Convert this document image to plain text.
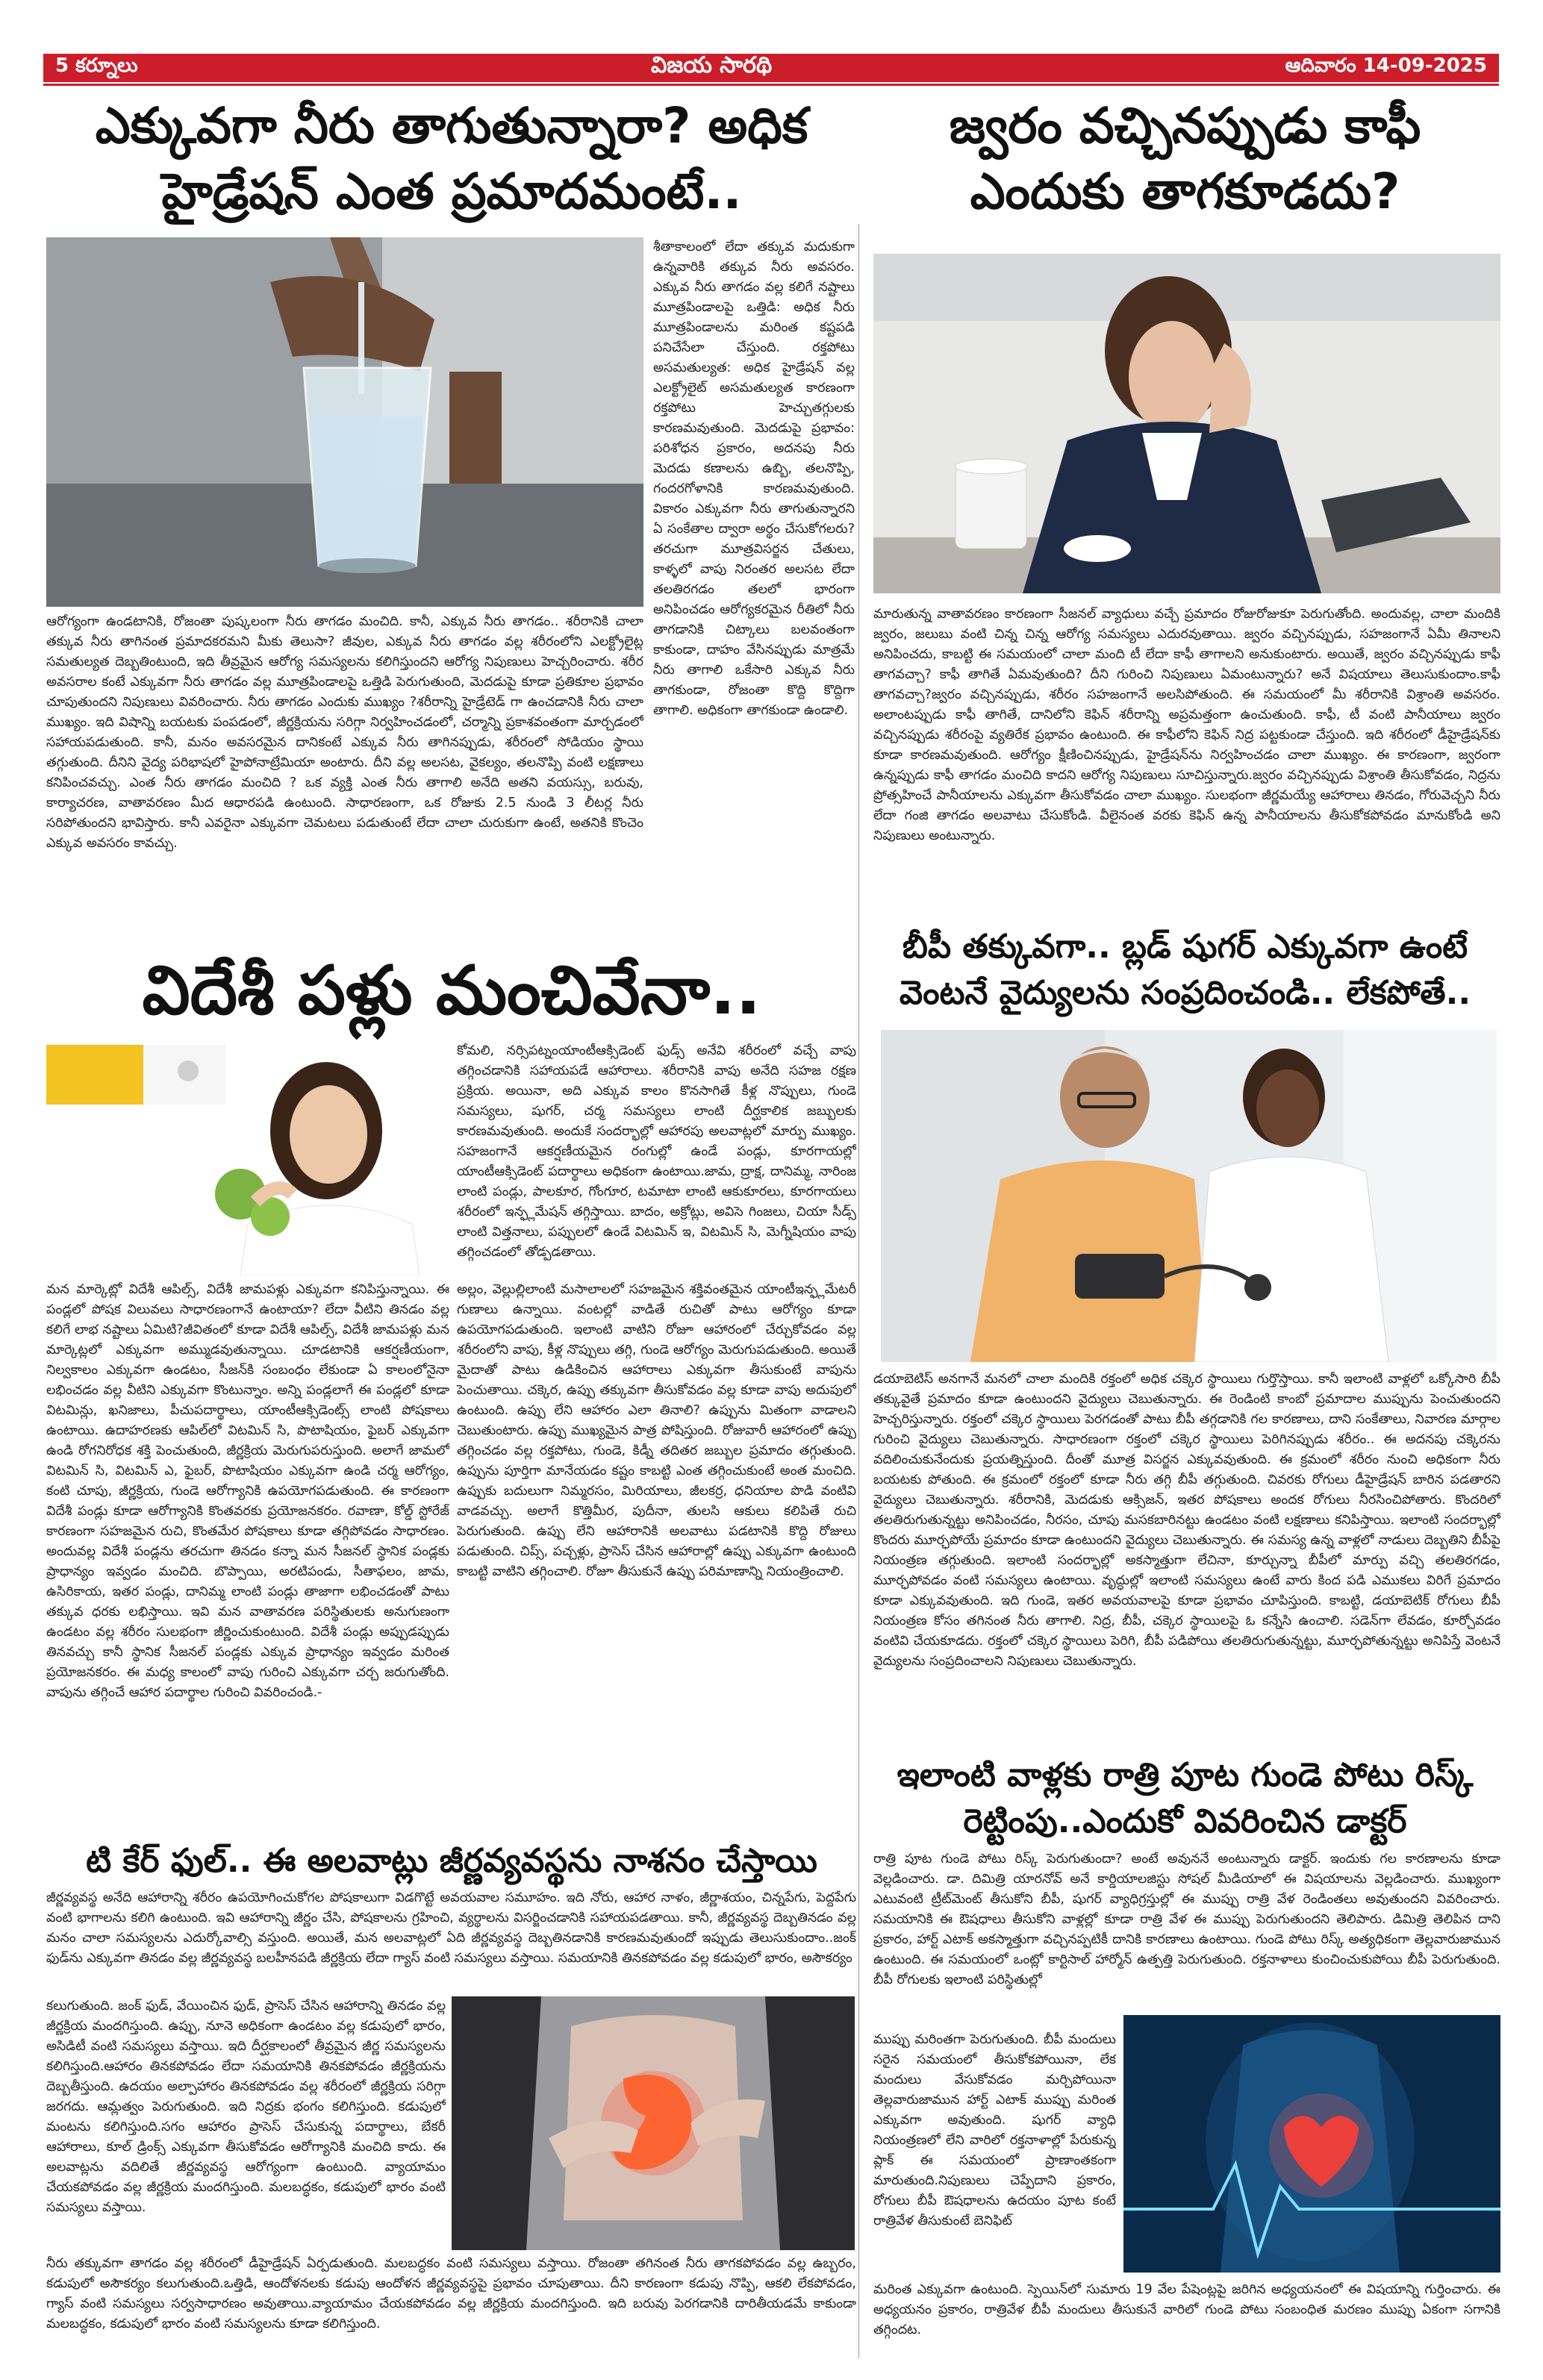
5 కర్నూలు	విజయ సారథి	ఆదివారం 14-09-2025
ఎక్కువగా నీరు తాగుతున్నారా? అధిక
హైడ్రేషన్ ఎంత ప్రమాదమంటే..
శీతాకాలంలో లేదా తక్కువ మదుకుగా ఉన్నవారికి తక్కువ నీరు అవసరం. ఎక్కువ నీరు తాగడం వల్ల కలిగే నష్టాలు మూత్రపిండాలపై ఒత్తిడి: అధిక నీరు మూత్రపిండాలను మరింత కష్టపడి పనిచేసేలా చేస్తుంది. రక్తపోటు అసమతుల్యత: అధిక హైడ్రేషన్ వల్ల ఎలక్ట్రోలైట్ అసమతుల్యత కారణంగా రక్తపోటు హెచ్చుతగ్గులకు కారణమవుతుంది. మెదడుపై ప్రభావం: పరిశోధన ప్రకారం, అదనపు నీరు మెదడు కణాలను ఉబ్బి, తలనొప్పి, గందరగోళానికి కారణమవుతుంది. వికారం ఎక్కువగా నీరు తాగుతున్నారని ఏ సంకేతాల ద్వారా అర్థం చేసుకోగలరు? తరచుగా మూత్రవిసర్జన చేతులు, కాళ్ళలో వాపు నిరంతర అలసట లేదా తలతిరగడం తలలో భారంగా అనిపించడం ఆరోగ్యకరమైన రీతిలో నీరు తాగడానికి చిట్కాలు బలవంతంగా కాకుండా, దాహం వేసినప్పుడు మాత్రమే నీరు తాగాలి ఒకేసారి ఎక్కువ నీరు తాగకుండా, రోజంతా కొద్ది కొద్దిగా తాగాలి. అధికంగా తాగకుండా ఉండాలి.
ఆరోగ్యంగా ఉండటానికి, రోజంతా పుష్కలంగా నీరు తాగడం మంచిది. కానీ, ఎక్కువ నీరు తాగడం.. శరీరానికి చాలా తక్కువ నీరు తాగినంత ప్రమాదకరమని మీకు తెలుసా? జీవుల, ఎక్కువ నీరు తాగడం వల్ల శరీరంలోని ఎలక్ట్రోలైట్ల సమతుల్యత దెబ్బతింటుంది, ఇది తీవ్రమైన ఆరోగ్య సమస్యలను కలిగిస్తుందని ఆరోగ్య నిపుణులు హెచ్చరించారు. శరీర అవసరాల కంటే ఎక్కువగా నీరు తాగడం వల్ల మూత్రపిండాలపై ఒత్తిడి పెరుగుతుంది, మెదడుపై కూడా ప్రతికూల ప్రభావం చూపుతుందని నిపుణులు వివరించారు. నీరు తాగడం ఎందుకు ముఖ్యం ?శరీరాన్ని హైడ్రేటెడ్ గా ఉంచడానికి నీరు చాలా ముఖ్యం. ఇది విషాన్ని బయటకు పంపడంలో, జీర్ణక్రియను సరిగ్గా నిర్వహించడంలో, చర్మాన్ని ప్రకాశవంతంగా మార్చడంలో సహాయపడుతుంది. కానీ, మనం అవసరమైన దానికంటే ఎక్కువ నీరు తాగినప్పుడు, శరీరంలో సోడియం స్థాయి తగ్గుతుంది. దీనిని వైద్య పరిభాషలో హైపోనాట్రేమియా అంటారు. దీని వల్ల అలసట, వైకల్యం, తలనొప్పి వంటి లక్షణాలు కనిపించవచ్చు. ఎంత నీరు తాగడం మంచిది ? ఒక వ్యక్తి ఎంత నీరు తాగాలి అనేది అతని వయస్సు, బరువు, కార్యాచరణ, వాతావరణం మీద ఆధారపడి ఉంటుంది. సాధారణంగా, ఒక రోజుకు 2.5 నుండి 3 లీటర్ల నీరు సరిపోతుందని భావిస్తారు. కానీ ఎవరైనా ఎక్కువగా చెమటలు పడుతుంటే లేదా చాలా చురుకుగా ఉంటే, అతనికి కొంచెం ఎక్కువ అవసరం కావచ్చు.
జ్వరం వచ్చినప్పుడు కాఫీ
ఎందుకు తాగకూడదు?
మారుతున్న వాతావరణం కారణంగా సీజనల్ వ్యాధులు వచ్చే ప్రమాదం రోజురోజుకూ పెరుగుతోంది. అందువల్ల, చాలా మందికి జ్వరం, జలుబు వంటి చిన్న చిన్న ఆరోగ్య సమస్యలు ఎదురవుతాయి. జ్వరం వచ్చినప్పుడు, సహజంగానే ఏమీ తినాలని అనిపించదు, కాబట్టి ఈ సమయంలో చాలా మంది టీ లేదా కాఫీ తాగాలని అనుకుంటారు. అయితే, జ్వరం వచ్చినప్పుడు కాఫీ తాగవచ్చా? కాఫీ తాగితే ఏమవుతుంది? దీని గురించి నిపుణులు ఏమంటున్నారు? అనే విషయాలు తెలుసుకుందాం.కాఫీ తాగవచ్చా?జ్వరం వచ్చినప్పుడు, శరీరం సహజంగానే అలసిపోతుంది. ఈ సమయంలో మీ శరీరానికి విశ్రాంతి అవసరం. అలాంటప్పుడు కాఫీ తాగితే, దానిలోని కెఫిన్ శరీరాన్ని అప్రమత్తంగా ఉంచుతుంది. కాఫీ, టీ వంటి పానీయాలు జ్వరం వచ్చినప్పుడు శరీరంపై వ్యతిరేక ప్రభావం ఉంటుంది. ఈ కాఫీలోని కెఫిన్ నిద్ర పట్టకుండా చేస్తుంది. ఇది శరీరంలో డీహైడ్రేషన్‌కు కూడా కారణమవుతుంది. ఆరోగ్యం క్షీణించినప్పుడు, హైడ్రేషన్‌ను నిర్వహించడం చాలా ముఖ్యం. ఈ కారణంగా, జ్వరంగా ఉన్నప్పుడు కాఫీ తాగడం మంచిది కాదని ఆరోగ్య నిపుణులు సూచిస్తున్నారు.జ్వరం వచ్చినప్పుడు విశ్రాంతి తీసుకోవడం, నిద్రను ప్రోత్సహించే పానీయాలను ఎక్కువగా తీసుకోవడం చాలా ముఖ్యం. సులభంగా జీర్ణమయ్యే ఆహారాలు తినడం, గోరువెచ్చని నీరు లేదా గంజి తాగడం అలవాటు చేసుకోండి. వీలైనంత వరకు కెఫిన్ ఉన్న పానీయాలను తీసుకోకపోవడం మానుకోండి అని నిపుణులు అంటున్నారు.
విదేశీ పళ్లు మంచివేనా..
కోమలి, నర్సిపట్నంయాంటీఆక్సిడెంట్ ఫుడ్స్ అనేవి శరీరంలో వచ్చే వాపు తగ్గించడానికి సహాయపడే ఆహారాలు. శరీరానికి వాపు అనేది సహజ రక్షణ ప్రక్రియ. అయినా, అది ఎక్కువ కాలం కొనసాగితే కీళ్ల నొప్పులు, గుండె సమస్యలు, షుగర్, చర్మ సమస్యలు లాంటి దీర్ఘకాలిక జబ్బులకు కారణమవుతుంది. అందుకే సందర్భాల్లో ఆహారపు అలవాట్లలో మార్పు ముఖ్యం. సహజంగానే ఆకర్షణీయమైన రంగుల్లో ఉండే పండ్లు, కూరగాయల్లో యాంటీఆక్సిడెంట్ పదార్థాలు అధికంగా ఉంటాయి.జామ, ద్రాక్ష, దానిమ్మ, నారింజ లాంటి పండ్లు, పాలకూర, గోంగూర, టమాటా లాంటి ఆకుకూరలు, కూరగాయలు శరీరంలో ఇన్ఫ్లమేషన్ తగ్గిస్తాయి. బాదం, అక్రోట్లు, అవిసె గింజలు, చియా సీడ్స్ లాంటి విత్తనాలు, పప్పులలో ఉండే విటమిన్ ఇ, విటమిన్ సి, మెగ్నీషియం వాపు తగ్గించడంలో తోడ్పడతాయి.
మన మార్కెట్లో విదేశీ ఆపిల్స్, విదేశీ జామపళ్లు ఎక్కువగా కనిపిస్తున్నాయి. ఈ పండ్లలో పోషక విలువలు సాధారణంగానే ఉంటాయా? లేదా వీటిని తినడం వల్ల కలిగే లాభ నష్టాలు ఏమిటి?జీవితంలో కూడా విదేశీ ఆపిల్స్, విదేశీ జామపళ్లు మన మార్కెట్లలో ఎక్కువగా అమ్ముడవుతున్నాయి. చూడటానికి ఆకర్షణీయంగా, నిల్వకాలం ఎక్కువగా ఉండటం, సీజన్‌కి సంబంధం లేకుండా ఏ కాలంలోనైనా లభించడం వల్ల వీటిని ఎక్కువగా కొంటున్నాం. అన్ని పండ్లలాగే ఈ పండ్లలో కూడా విటమిన్లు, ఖనిజాలు, పీచుపదార్థాలు, యాంటీఆక్సిడెంట్స్ లాంటి పోషకాలు ఉంటాయి. ఉదాహరణకు ఆపిల్‌లో విటమిన్ సి, పొటాషియం, ఫైబర్ ఎక్కువగా ఉండి రోగనిరోధక శక్తి పెంచుతుంది, జీర్ణక్రియ మెరుగుపరుస్తుంది. అలాగే జామలో విటమిన్ సి, విటమిన్ ఎ, ఫైబర్, పొటాషియం ఎక్కువగా ఉండి చర్మ ఆరోగ్యం, కంటి చూపు, జీర్ణక్రియ, గుండె ఆరోగ్యానికి ఉపయోగపడుతుంది. ఈ కారణంగా విదేశీ పండ్లు కూడా ఆరోగ్యానికి కొంతవరకు ప్రయోజనకరం. రవాణా, కోల్డ్ స్టోరేజ్ కారణంగా సహజమైన రుచి, కొంతమేర పోషకాలు కూడా తగ్గిపోవడం సాధారణం. అందువల్ల విదేశీ పండ్లను తరచుగా తినడం కన్నా మన సీజనల్ స్థానిక పండ్లకు ప్రాధాన్యం ఇవ్వడం మంచిది. బొప్పాయి, అరటిపండు, సీతాఫలం, జామ, ఉసిరికాయ, ఇతర పండ్లు, దానిమ్మ లాంటి పండ్లు తాజాగా లభించడంతో పాటు తక్కువ ధరకు లభిస్తాయి. ఇవి మన వాతావరణ పరిస్థితులకు అనుగుణంగా ఉండటం వల్ల శరీరం సులభంగా జీర్ణించుకుంటుంది. విదేశీ పండ్లు అప్పుడప్పుడు తినవచ్చు కానీ స్థానిక సీజనల్ పండ్లకు ఎక్కువ ప్రాధాన్యం ఇవ్వడం మరింత ప్రయోజనకరం. ఈ మధ్య కాలంలో వాపు గురించి ఎక్కువగా చర్చ జరుగుతోంది. వాపును తగ్గించే ఆహార పదార్థాల గురించి వివరించండి.-
అల్లం, వెల్లుల్లిలాంటి మసాలాలలో సహజమైన శక్తివంతమైన యాంటీఇన్ఫ్లమేటరీ గుణాలు ఉన్నాయి. వంటల్లో వాడితే రుచితో పాటు ఆరోగ్యం కూడా ఉపయోగపడుతుంది. ఇలాంటి వాటిని రోజూ ఆహారంలో చేర్చుకోవడం వల్ల శరీరంలోని వాపు, కీళ్ల నొప్పులు తగ్గి, గుండె ఆరోగ్యం మెరుగుపడుతుంది. అయితే మైదాతో పాటు ఉడికించిన ఆహారాలు ఎక్కువగా తీసుకుంటే వాపును పెంచుతాయి. చక్కెర, ఉప్పు తక్కువగా తీసుకోవడం వల్ల కూడా వాపు అదుపులో ఉంటుంది. ఉప్పు లేని ఆహారం ఎలా తినాలి? ఉప్పును మితంగా వాడాలని చెబుతుంటారు. ఉప్పు ముఖ్యమైన పాత్ర పోషిస్తుంది. రోజువారీ ఆహారంలో ఉప్పు తగ్గించడం వల్ల రక్తపోటు, గుండె, కిడ్నీ తదితర జబ్బుల ప్రమాదం తగ్గుతుంది. ఉప్పును పూర్తిగా మానేయడం కష్టం కాబట్టి ఎంత తగ్గించుకుంటే అంత మంచిది. ఉప్పుకు బదులుగా నిమ్మరసం, మిరియాలు, జీలకర్ర, ధనియాల పొడి వంటివి వాడవచ్చు. అలాగే కొత్తిమీర, పుదీనా, తులసి ఆకులు కలిపితే రుచి పెరుగుతుంది. ఉప్పు లేని ఆహారానికి అలవాటు పడటానికి కొద్ది రోజులు పడుతుంది. చిప్స్, పచ్చళ్లు, ప్రాసెస్ చేసిన ఆహారాల్లో ఉప్పు ఎక్కువగా ఉంటుంది కాబట్టి వాటిని తగ్గించాలి. రోజూ తీసుకునే ఉప్పు పరిమాణాన్ని నియంత్రించాలి.
బీపీ తక్కువగా.. బ్లడ్ షుగర్ ఎక్కువగా ఉంటే
వెంటనే వైద్యులను సంప్రదించండి.. లేకపోతే..
డయాబెటిస్ అనగానే మనలో చాలా మందికి రక్తంలో అధిక చక్కెర స్థాయిలు గుర్తొస్తాయి. కానీ ఇలాంటి వాళ్లలో ఒక్కోసారి బీపీ తక్కువైతే ప్రమాదం కూడా ఉంటుందని వైద్యులు చెబుతున్నారు. ఈ రెండింటి కాంబో ప్రమాదాల ముప్పును పెంచుతుందని హెచ్చరిస్తున్నారు. రక్తంలో చక్కెర స్థాయిలు పెరగడంతో పాటు బీపీ తగ్గడానికి గల కారణాలు, దాని సంకేతాలు, నివారణ మార్గాల గురించి వైద్యులు చెబుతున్నారు. సాధారణంగా రక్తంలో చక్కెర స్థాయిలు పెరిగినప్పుడు శరీరం.. ఈ అదనపు చక్కెరను వదిలించుకునేందుకు ప్రయత్నిస్తుంది. దీంతో మూత్ర విసర్జన ఎక్కువవుతుంది. ఈ క్రమంలో శరీరం నుంచి అధికంగా నీరు బయటకు పోతుంది. ఈ క్రమంలో రక్తంలో కూడా నీరు తగ్గి బీపీ తగ్గుతుంది. చివరకు రోగులు డీహైడ్రేషన్ బారిన పడతారని వైద్యులు చెబుతున్నారు. శరీరానికి, మెదడుకు ఆక్సిజన్, ఇతర పోషకాలు అందక రోగులు నీరసించిపోతారు. కొందరిలో తలతిరుగుతున్నట్టు అనిపించడం, నీరసం, చూపు మసకబారినట్టు ఉండటం వంటి లక్షణాలు కనిపిస్తాయి. ఇలాంటి సందర్భాల్లో కొందరు మూర్ఛపోయే ప్రమాదం కూడా ఉంటుందని వైద్యులు చెబుతున్నారు. ఈ సమస్య ఉన్న వాళ్లలో నాడులు దెబ్బతిని బీపీపై నియంత్రణ తగ్గుతుంది. ఇలాంటి సందర్భాల్లో అకస్మాత్తుగా లేచినా, కూర్చున్నా బీపీలో మార్పు వచ్చి తలతిరగడం, మూర్ఛపోవడం వంటి సమస్యలు ఉంటాయి. వృద్ధుల్లో ఇలాంటి సమస్యలు ఉంటే వారు కింద పడి ఎముకలు విరిగే ప్రమాదం కూడా ఎక్కువవుతుంది. ఇది గుండె, ఇతర అవయవాలపై కూడా ప్రభావం చూపిస్తుంది. కాబట్టి, డయాబెటిక్ రోగులు బీపీ నియంత్రణ కోసం తగినంత నీరు తాగాలి. నిద్ర, బీపీ, చక్కెర స్థాయిలపై ఓ కన్నేసి ఉంచాలి. సడెన్‌గా లేవడం, కూర్చోవడం వంటివి చేయకూడదు. రక్తంలో చక్కెర స్థాయిలు పెరిగి, బీపీ పడిపోయి తలతిరుగుతున్నట్టు, మూర్ఛపోతున్నట్టు అనిపిస్తే వెంటనే వైద్యులను సంప్రదించాలని నిపుణులు చెబుతున్నారు.
టి కేర్ ఫుల్.. ఈ అలవాట్లు జీర్ణవ్యవస్థను నాశనం చేస్తాయి
జీర్ణవ్యవస్థ అనేది ఆహారాన్ని శరీరం ఉపయోగించుకోగల పోషకాలుగా విడగొట్టే అవయవాల సమూహం. ఇది నోరు, ఆహార నాళం, జీర్ణాశయం, చిన్నపేగు, పెద్దపేగు వంటి భాగాలను కలిగి ఉంటుంది. ఇవి ఆహారాన్ని జీర్ణం చేసి, పోషకాలను గ్రహించి, వ్యర్థాలను విసర్జించడానికి సహాయపడతాయి. కానీ, జీర్ణవ్యవస్థ దెబ్బతినడం వల్ల మనం చాలా సమస్యలను ఎదుర్కోవాల్సి వస్తుంది. అయితే, మన అలవాట్లలో ఏది జీర్ణవ్యవస్థ దెబ్బతినడానికి కారణమవుతుందో ఇప్పుడు తెలుసుకుందాం..జంక్ ఫుడ్‌ను ఎక్కువగా తినడం వల్ల జీర్ణవ్యవస్థ బలహీనపడి జీర్ణక్రియ లేదా గ్యాస్ వంటి సమస్యలు వస్తాయి. సమయానికి తినకపోవడం వల్ల కడుపులో భారం, అసౌకర్యం
కలుగుతుంది. జంక్ ఫుడ్, వేయించిన ఫుడ్, ప్రాసెస్ చేసిన ఆహారాన్ని తినడం వల్ల జీర్ణక్రియ మందగిస్తుంది. ఉప్పు, నూనె అధికంగా ఉండటం వల్ల కడుపులో భారం, అసిడిటీ వంటి సమస్యలు వస్తాయి. ఇది దీర్ఘకాలంలో తీవ్రమైన జీర్ణ సమస్యలను కలిగిస్తుంది.ఆహారం తినకపోవడం లేదా సమయానికి తినకపోవడం జీర్ణక్రియను దెబ్బతీస్తుంది. ఉదయం అల్పాహారం తినకపోవడం వల్ల శరీరంలో జీర్ణక్రియ సరిగ్గా జరగదు. ఆమ్లత్వం పెరుగుతుంది. ఇది నిద్రకు భంగం కలిగిస్తుంది. కడుపులో మంటను కలిగిస్తుంది.సగం ఆహారం ప్రాసెస్ చేసుకున్న పదార్థాలు, బేకరీ ఆహారాలు, కూల్ డ్రింక్స్ ఎక్కువగా తీసుకోవడం ఆరోగ్యానికి మంచిది కాదు. ఈ అలవాట్లను వదిలితే జీర్ణవ్యవస్థ ఆరోగ్యంగా ఉంటుంది. వ్యాయామం చేయకపోవడం వల్ల జీర్ణక్రియ మందగిస్తుంది. మలబద్ధకం, కడుపులో భారం వంటి సమస్యలు వస్తాయి.
నీరు తక్కువగా తాగడం వల్ల శరీరంలో డీహైడ్రేషన్ ఏర్పడుతుంది. మలబద్ధకం వంటి సమస్యలు వస్తాయి. రోజంతా తగినంత నీరు తాగకపోవడం వల్ల ఉబ్బరం, కడుపులో అసౌకర్యం కలుగుతుంది.ఒత్తిడి, ఆందోళనలకు కడుపు ఆందోళన జీర్ణవ్యవస్థపై ప్రభావం చూపుతాయి. దీని కారణంగా కడుపు నొప్పి, ఆకలి లేకపోవడం, గ్యాస్ వంటి సమస్యలు సర్వసాధారణం అవుతాయి.వ్యాయామం చేయకపోవడం వల్ల జీర్ణక్రియ మందగిస్తుంది. ఇది బరువు పెరగడానికి దారితీయడమే కాకుండా మలబద్ధకం, కడుపులో భారం వంటి సమస్యలను కూడా కలిగిస్తుంది.
ఇలాంటి వాళ్లకు రాత్రి పూట గుండె పోటు రిస్క్
రెట్టింపు..ఎందుకో వివరించిన డాక్టర్
రాత్రి పూట గుండె పోటు రిస్క్ పెరుగుతుందా? అంటే అవుననే అంటున్నారు డాక్టర్. ఇందుకు గల కారణాలను కూడా వెల్లడించారు. డా. దిమిత్రి యారనోవ్ అనే కార్డియాలజిస్టు సోషల్ మీడియాలో ఈ విషయాలను వెల్లడించారు. ముఖ్యంగా ఎటువంటి ట్రీట్‌మెంట్ తీసుకోని బీపీ, షుగర్ వ్యాధిగ్రస్తుల్లో ఈ ముప్పు రాత్రి వేళ రెండింతలు అవుతుందని వివరించారు. సమయానికి ఈ ఔషధాలు తీసుకోని వాళ్లల్లో కూడా రాత్రి వేళ ఈ ముప్పు పెరుగుతుందని తెలిపారు. డిమిత్రి తెలిపిన దాని ప్రకారం, హార్ట్ ఎటాక్ అకస్మాత్తుగా వచ్చినప్పటికీ దానికి కారణాలు ఉంటాయి. గుండె పోటు రిస్క్ అత్యధికంగా తెల్లవారుజామున ఉంటుంది. ఈ సమయంలో ఒంట్లో కార్టిసాల్ హార్మోన్ ఉత్పత్తి పెరుగుతుంది. రక్తనాళాలు కుంచించుకుపోయి బీపీ పెరుగుతుంది. బీపీ రోగులకు ఇలాంటి పరిస్థితుల్లో
ముప్పు మరింతగా పెరుగుతుంది. బీపీ మందులు సరైన సమయంలో తీసుకోకపోయినా, లేక మందులు వేసుకోవడం మర్చిపోయినా తెల్లవారుజామున హార్ట్ ఎటాక్ ముప్పు మరింత ఎక్కువగా అవుతుంది. షుగర్ వ్యాధి నియంత్రణలో లేని వారిలో రక్తనాళాల్లో పేరుకున్న ప్లాక్ ఈ సమయంలో ప్రాణాంతకంగా మారుతుంది.నిపుణులు చెప్పేదాని ప్రకారం, రోగులు బీపీ ఔషధాలను ఉదయం పూట కంటే రాత్రివేళ తీసుకుంటే బెనిఫిట్
మరింత ఎక్కువగా ఉంటుంది. స్పెయిన్‌లో సుమారు 19 వేల పేషెంట్లపై జరిగిన అధ్యయనంలో ఈ విషయాన్ని గుర్తించారు. ఈ అధ్యయనం ప్రకారం, రాత్రివేళ బీపీ మందులు తీసుకునే వారిలో గుండె పోటు సంబంధిత మరణం ముప్పు ఏకంగా సగానికి తగ్గిందట.
